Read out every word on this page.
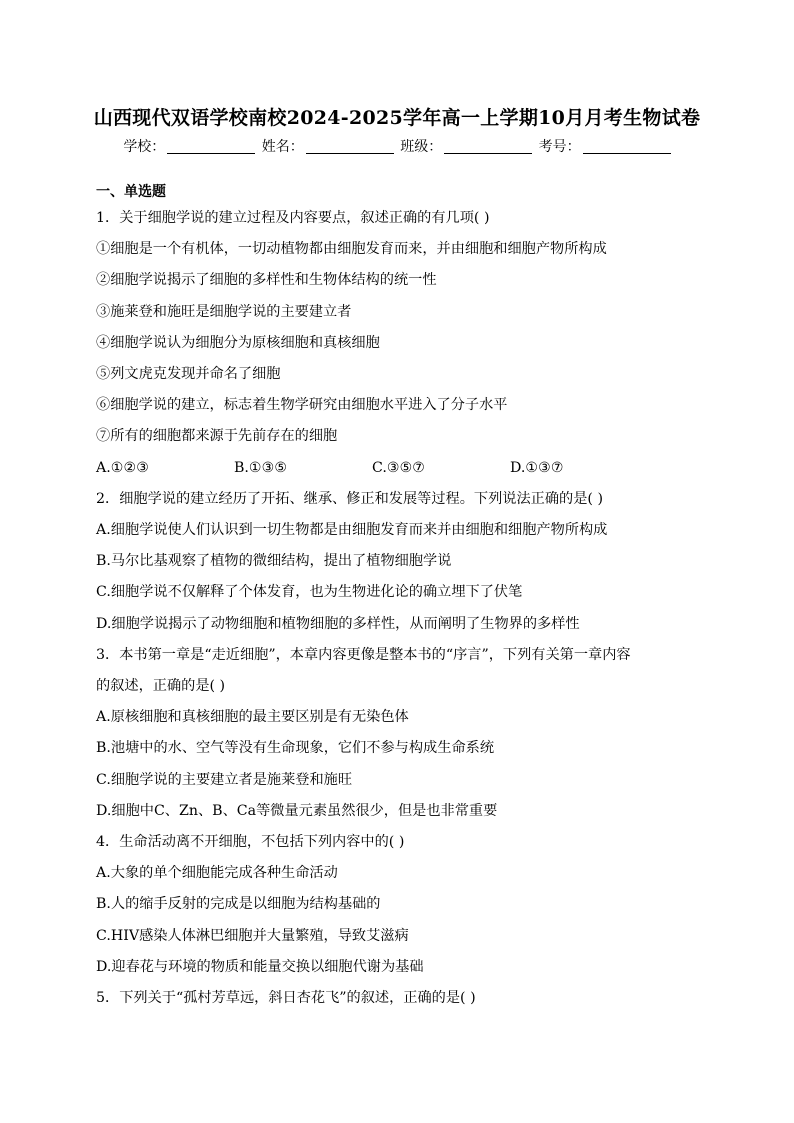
山西现代双语学校南校2024-2025学年高一上学期10月月考生物试卷
学校：	姓名：	班级：	考号：
一、单选题
1．关于细胞学说的建立过程及内容要点，叙述正确的有几项( )
①细胞是一个有机体，一切动植物都由细胞发育而来，并由细胞和细胞产物所构成
②细胞学说揭示了细胞的多样性和生物体结构的统一性
③施莱登和施旺是细胞学说的主要建立者
④细胞学说认为细胞分为原核细胞和真核细胞
⑤列文虎克发现并命名了细胞
⑥细胞学说的建立，标志着生物学研究由细胞水平进入了分子水平
⑦所有的细胞都来源于先前存在的细胞
A.①②③	B.①③⑤	C.③⑤⑦	D.①③⑦
2．细胞学说的建立经历了开拓、继承、修正和发展等过程。下列说法正确的是( )
A.细胞学说使人们认识到一切生物都是由细胞发育而来并由细胞和细胞产物所构成
B.马尔比基观察了植物的微细结构，提出了植物细胞学说
C.细胞学说不仅解释了个体发育，也为生物进化论的确立埋下了伏笔
D.细胞学说揭示了动物细胞和植物细胞的多样性，从而阐明了生物界的多样性
3．本书第一章是“走近细胞”，本章内容更像是整本书的“序言”，下列有关第一章内容
的叙述，正确的是( )
A.原核细胞和真核细胞的最主要区别是有无染色体
B.池塘中的水、空气等没有生命现象，它们不参与构成生命系统
C.细胞学说的主要建立者是施莱登和施旺
D.细胞中C、Zn、B、Ca等微量元素虽然很少，但是也非常重要
4．生命活动离不开细胞，不包括下列内容中的( )
A.大象的单个细胞能完成各种生命活动
B.人的缩手反射的完成是以细胞为结构基础的
C.HIV感染人体淋巴细胞并大量繁殖，导致艾滋病
D.迎春花与环境的物质和能量交换以细胞代谢为基础
5．下列关于“孤村芳草远，斜日杏花飞”的叙述，正确的是( )
